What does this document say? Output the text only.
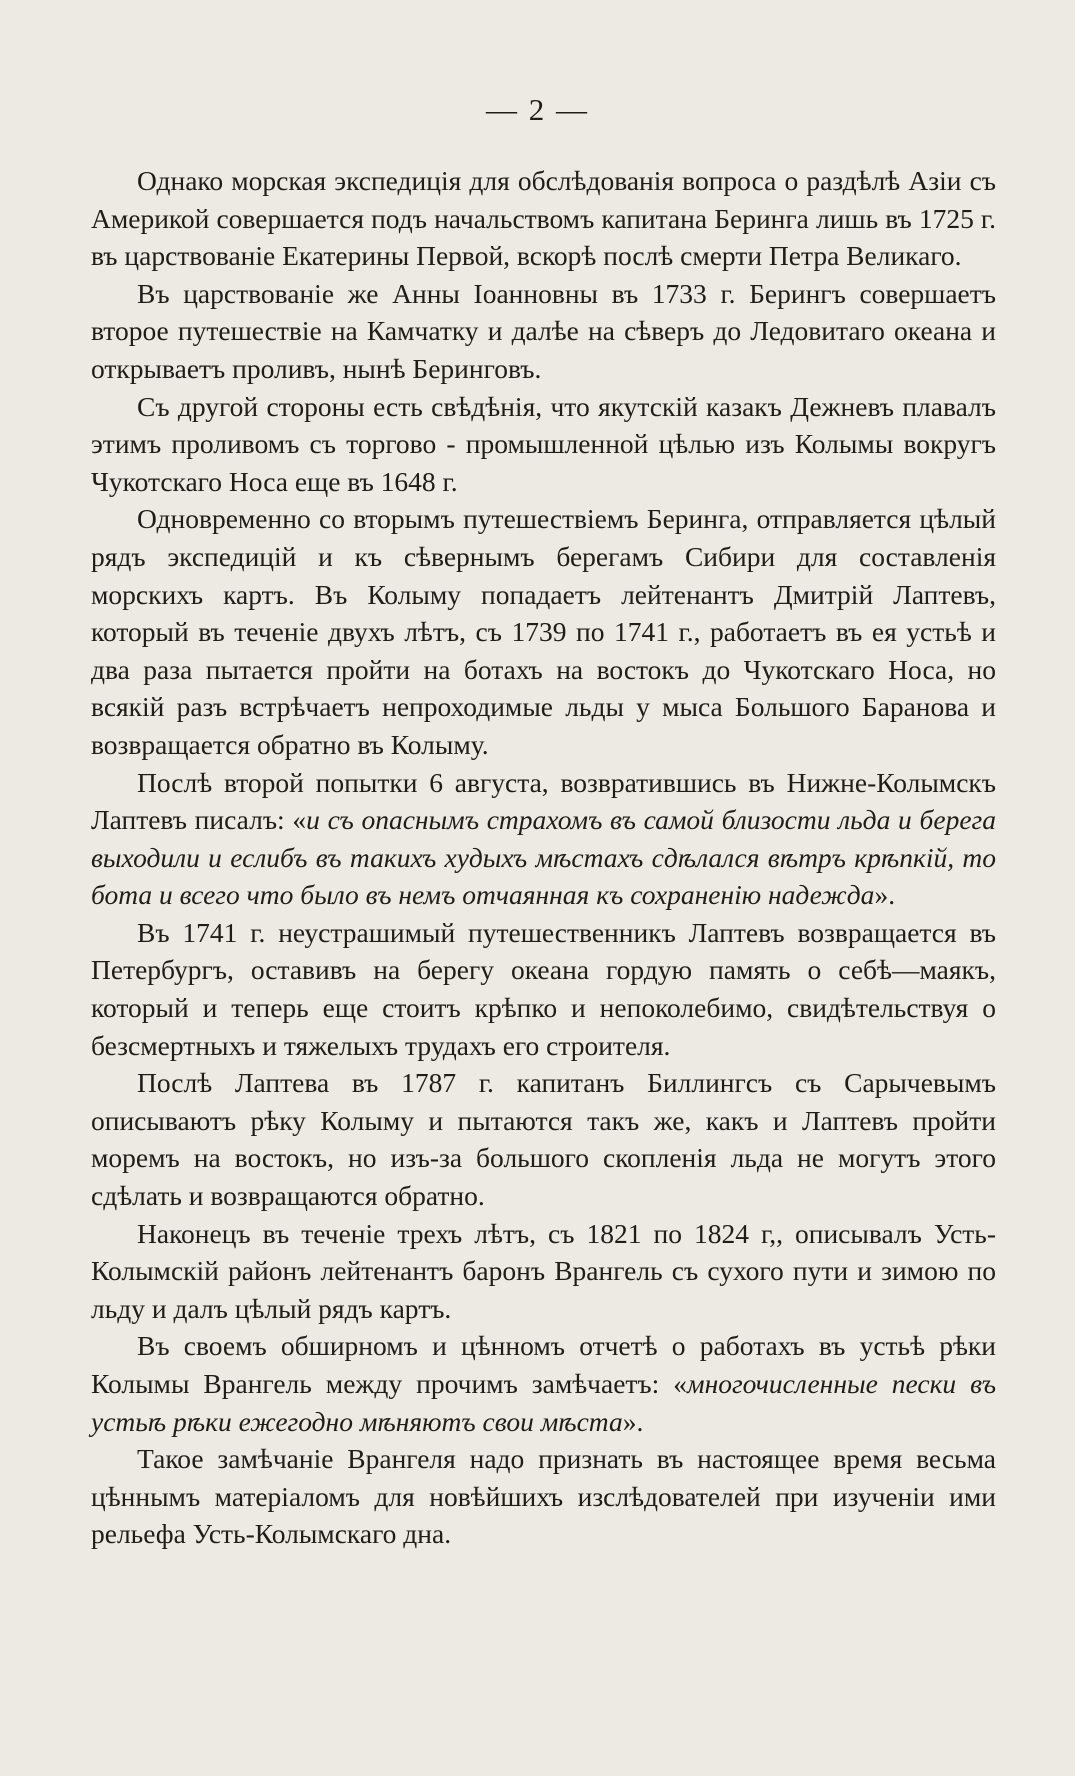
— 2 —

Однако морская экспедиція для обслѣдованія вопроса о раздѣлѣ Азіи съ Америкой совершается подъ начальствомъ капитана Беринга лишь въ 1725 г. въ царствованіе Екатерины Первой, вскорѣ послѣ смерти Петра Великаго.

Въ царствованіе же Анны Іоанновны въ 1733 г. Берингъ совершаетъ второе путешествіе на Камчатку и далѣе на сѣверъ до Ледовитаго океана и открываетъ проливъ, нынѣ Беринговъ.

Съ другой стороны есть свѣдѣнія, что якутскій казакъ Дежневъ плавалъ этимъ проливомъ съ торгово - промышленной цѣлью изъ Колымы вокругъ Чукотскаго Носа еще въ 1648 г.

Одновременно со вторымъ путешествіемъ Беринга, отправляется цѣлый рядъ экспедицій и къ сѣвернымъ берегамъ Сибири для составленія морскихъ картъ. Въ Колыму попадаетъ лейтенантъ Дмитрій Лаптевъ, который въ теченіе двухъ лѣтъ, съ 1739 по 1741 г., работаетъ въ ея устьѣ и два раза пытается пройти на ботахъ на востокъ до Чукотскаго Носа, но всякій разъ встрѣчаетъ непроходимые льды у мыса Большого Баранова и возвращается обратно въ Колыму.

Послѣ второй попытки 6 августа, возвратившись въ Нижне-Колымскъ Лаптевъ писалъ: «и съ опаснымъ страхомъ въ самой близости льда и берега выходили и еслибъ въ такихъ худыхъ мѣстахъ сдѣлался вѣтръ крѣпкій, то бота и всего что было въ немъ отчаянная къ сохраненію надежда».

Въ 1741 г. неустрашимый путешественникъ Лаптевъ возвращается въ Петербургъ, оставивъ на берегу океана гордую память о себѣ—маякъ, который и теперь еще стоитъ крѣпко и непоколебимо, свидѣтельствуя о безсмертныхъ и тяжелыхъ трудахъ его строителя.

Послѣ Лаптева въ 1787 г. капитанъ Биллингсъ съ Сарычевымъ описываютъ рѣку Колыму и пытаются такъ же, какъ и Лаптевъ пройти моремъ на востокъ, но изъ-за большого скопленія льда не могутъ этого сдѣлать и возвращаются обратно.

Наконецъ въ теченіе трехъ лѣтъ, съ 1821 по 1824 г,, описывалъ Усть-Колымскій районъ лейтенантъ баронъ Врангель съ сухого пути и зимою по льду и далъ цѣлый рядъ картъ.

Въ своемъ обширномъ и цѣнномъ отчетѣ о работахъ въ устьѣ рѣки Колымы Врангель между прочимъ замѣчаетъ: «многочисленные пески въ устьѣ рѣки ежегодно мѣняютъ свои мѣста».

Такое замѣчаніе Врангеля надо признать въ настоящее время весьма цѣннымъ матеріаломъ для новѣйшихъ изслѣдователей при изученіи ими рельефа Усть-Колымскаго дна.
